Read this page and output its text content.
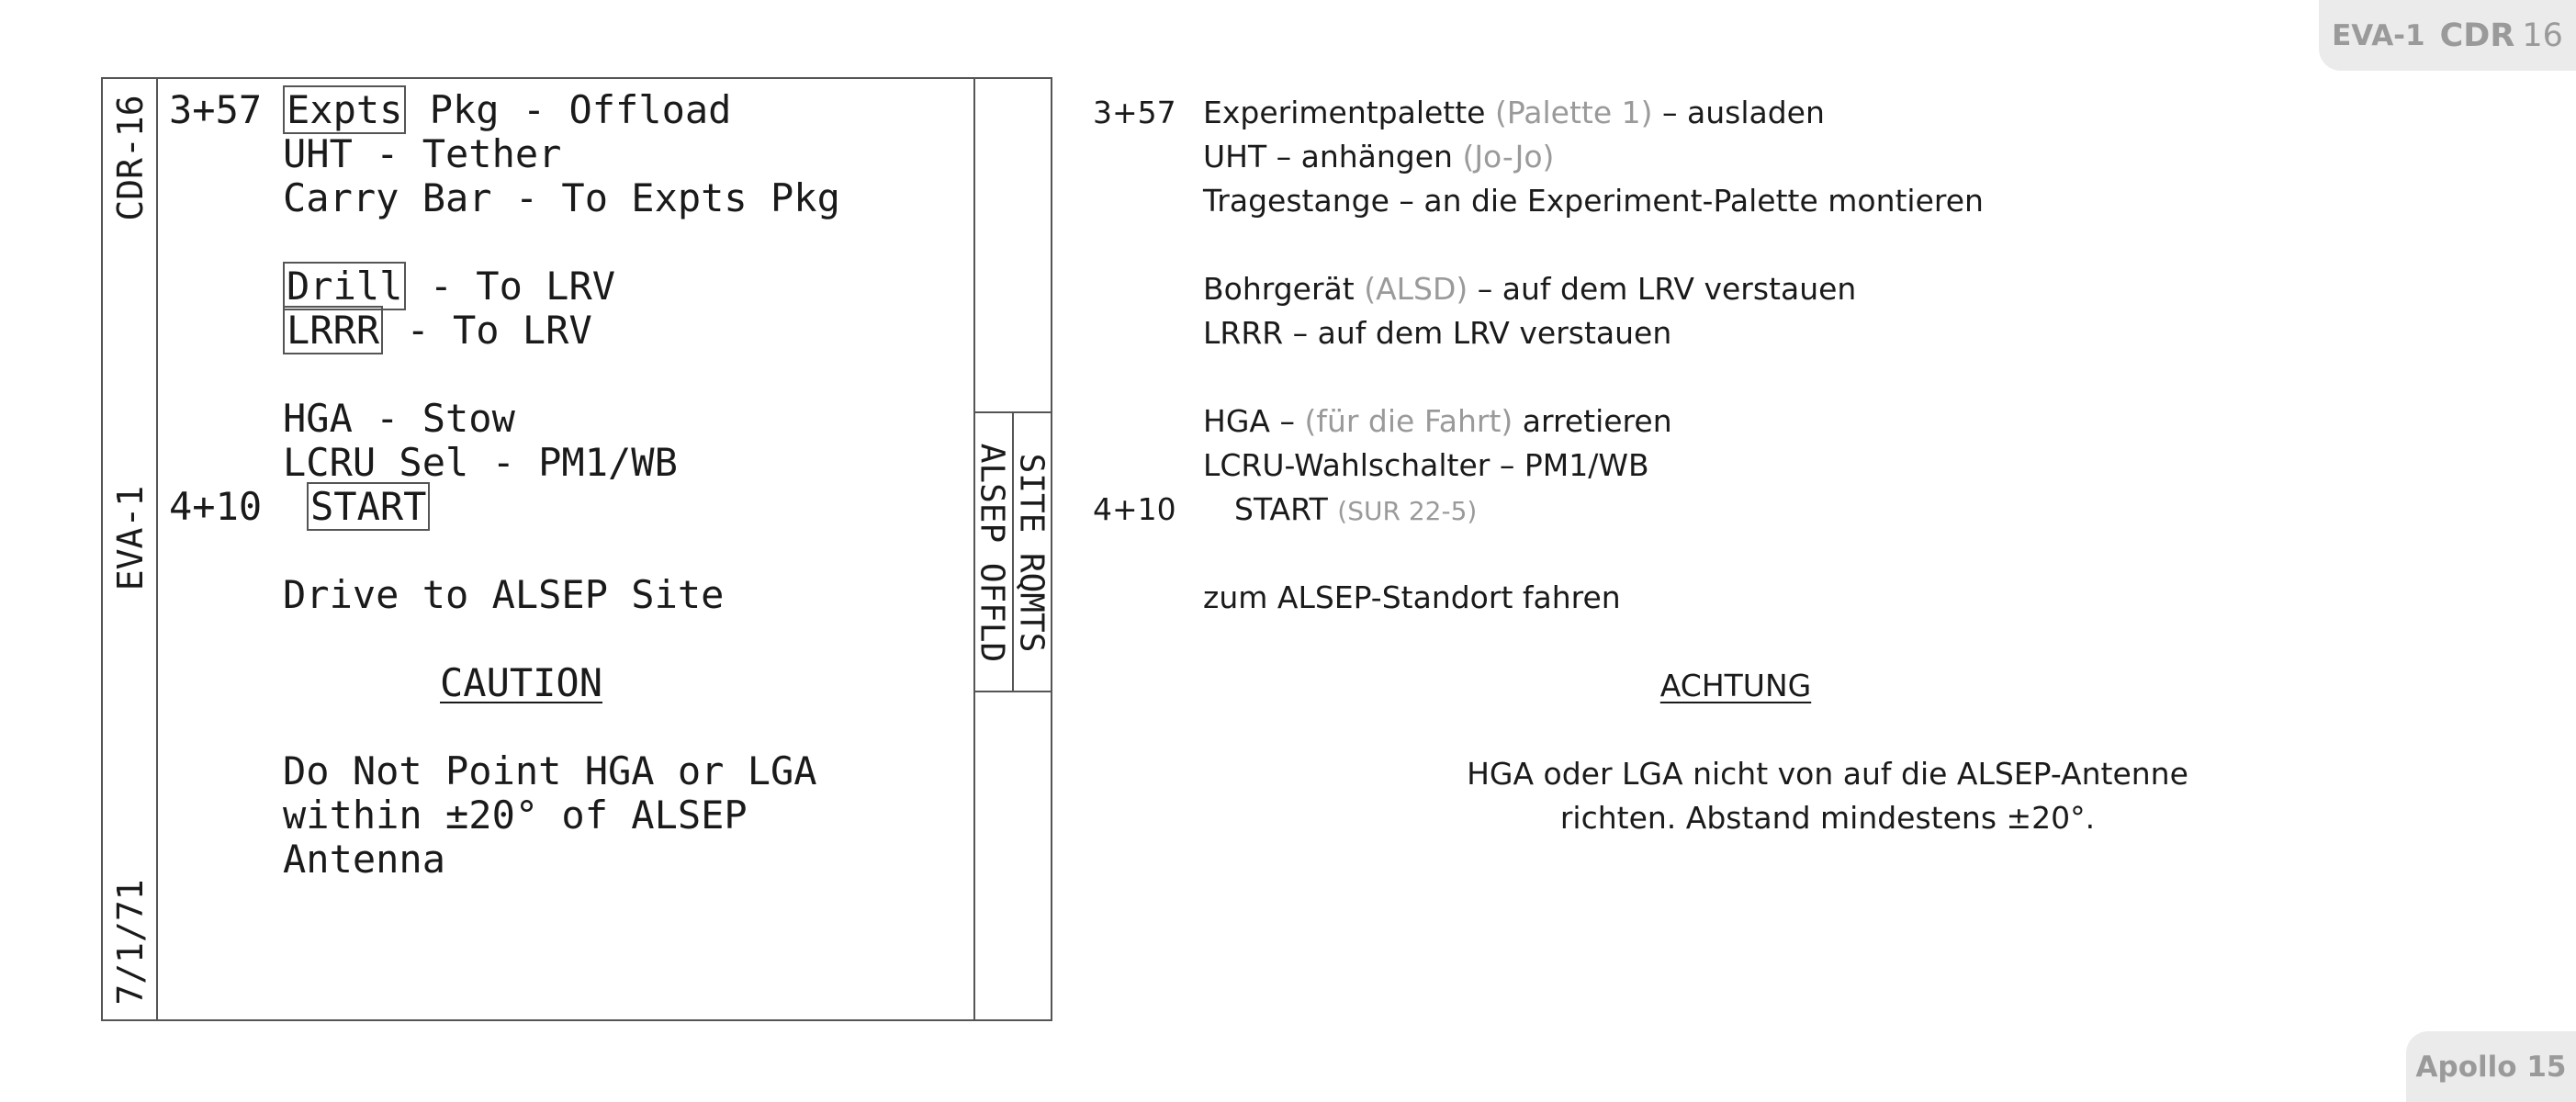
EVA-1 CDR 16
Apollo 15
CDR-16
EVA-1
7/1/71
SITE RQMTS
ALSEP OFFLD
3+57 Expts Pkg - Offload
UHT - Tether
Carry Bar - To Expts Pkg
Drill - To LRV
LRRR - To LRV
HGA - Stow
LCRU Sel - PM1/WB
4+10 START
Drive to ALSEP Site
CAUTION
Do Not Point HGA or LGA
within ±20° of ALSEP
Antenna
3+57 Experimentpalette (Palette 1) – ausladen
UHT – anhängen (Jo-Jo)
Tragestange – an die Experiment-Palette montieren
Bohrgerät (ALSD) – auf dem LRV verstauen
LRRR – auf dem LRV verstauen
HGA – (für die Fahrt) arretieren
LCRU-Wahlschalter – PM1/WB
4+10 START (SUR 22-5)
zum ALSEP-Standort fahren
ACHTUNG
HGA oder LGA nicht von auf die ALSEP-Antenne
richten. Abstand mindestens ±20°.
